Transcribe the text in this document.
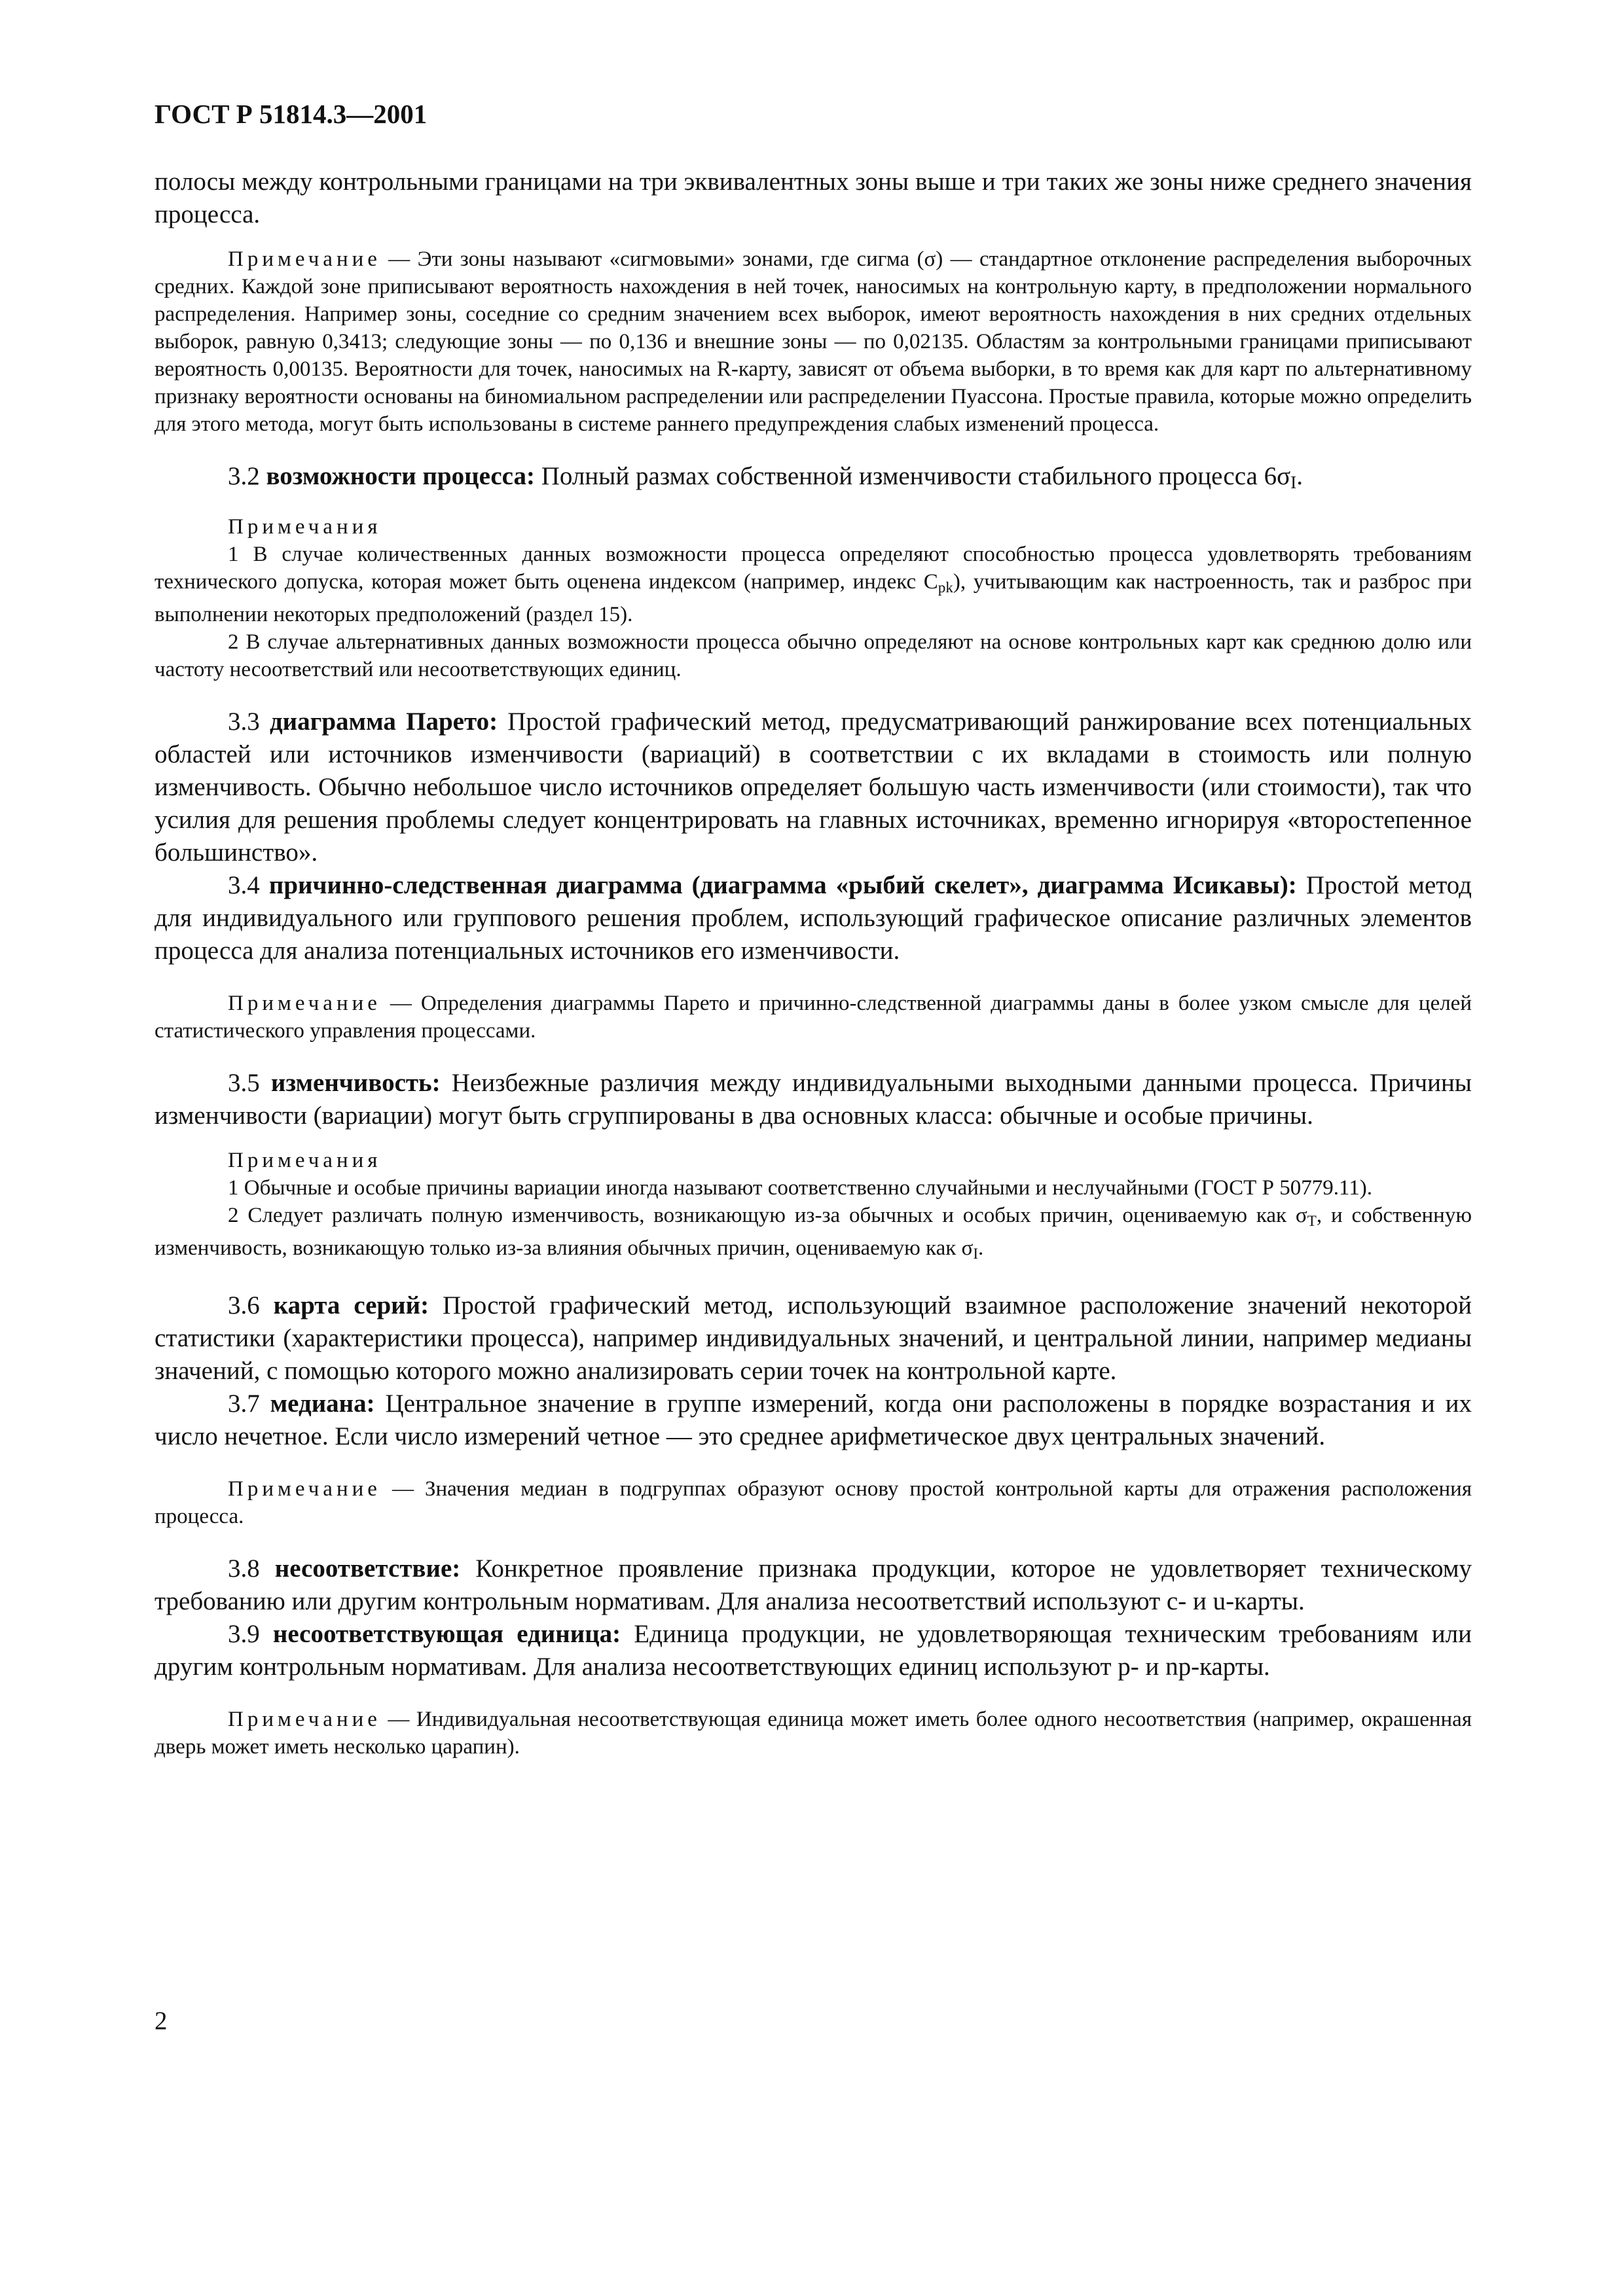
ГОСТ Р 51814.3—2001

полосы между контрольными границами на три эквивалентных зоны выше и три таких же зоны ниже среднего значения процесса.

Примечание — Эти зоны называют «сигмовыми» зонами, где сигма (σ) — стандартное отклонение распределения выборочных средних. Каждой зоне приписывают вероятность нахождения в ней точек, наносимых на контрольную карту, в предположении нормального распределения. Например зоны, соседние со средним значением всех выборок, имеют вероятность нахождения в них средних отдельных выборок, равную 0,3413; следующие зоны — по 0,136 и внешние зоны — по 0,02135. Областям за контрольными границами приписывают вероятность 0,00135. Вероятности для точек, наносимых на R-карту, зависят от объема выборки, в то время как для карт по альтернативному признаку вероятности основаны на биномиальном распределении или распределении Пуассона. Простые правила, которые можно определить для этого метода, могут быть использованы в системе раннего предупреждения слабых изменений процесса.

3.2 возможности процесса: Полный размах собственной изменчивости стабильного процесса $6\sigma_I$.

Примечания

1 В случае количественных данных возможности процесса определяют способностью процесса удовлетворять требованиям технического допуска, которая может быть оценена индексом (например, индекс $C_{pk}$), учитывающим как настроенность, так и разброс при выполнении некоторых предположений (раздел 15).

2 В случае альтернативных данных возможности процесса обычно определяют на основе контрольных карт как среднюю долю или частоту несоответствий или несоответствующих единиц.

3.3 диаграмма Парето: Простой графический метод, предусматривающий ранжирование всех потенциальных областей или источников изменчивости (вариаций) в соответствии с их вкладами в стоимость или полную изменчивость. Обычно небольшое число источников определяет большую часть изменчивости (или стоимости), так что усилия для решения проблемы следует концентрировать на главных источниках, временно игнорируя «второстепенное большинство».

3.4 причинно-следственная диаграмма (диаграмма «рыбий скелет», диаграмма Исикавы): Простой метод для индивидуального или группового решения проблем, использующий графическое описание различных элементов процесса для анализа потенциальных источников его изменчивости.

Примечание — Определения диаграммы Парето и причинно-следственной диаграммы даны в более узком смысле для целей статистического управления процессами.

3.5 изменчивость: Неизбежные различия между индивидуальными выходными данными процесса. Причины изменчивости (вариации) могут быть сгруппированы в два основных класса: обычные и особые причины.

Примечания

1 Обычные и особые причины вариации иногда называют соответственно случайными и неслучайными (ГОСТ Р 50779.11).

2 Следует различать полную изменчивость, возникающую из-за обычных и особых причин, оцениваемую как $\sigma_T$, и собственную изменчивость, возникающую только из-за влияния обычных причин, оцениваемую как $\sigma_I$.

3.6 карта серий: Простой графический метод, использующий взаимное расположение значений некоторой статистики (характеристики процесса), например индивидуальных значений, и центральной линии, например медианы значений, с помощью которого можно анализировать серии точек на контрольной карте.

3.7 медиана: Центральное значение в группе измерений, когда они расположены в порядке возрастания и их число нечетное. Если число измерений четное — это среднее арифметическое двух центральных значений.

Примечание — Значения медиан в подгруппах образуют основу простой контрольной карты для отражения расположения процесса.

3.8 несоответствие: Конкретное проявление признака продукции, которое не удовлетворяет техническому требованию или другим контрольным нормативам. Для анализа несоответствий используют c- и u-карты.

3.9 несоответствующая единица: Единица продукции, не удовлетворяющая техническим требованиям или другим контрольным нормативам. Для анализа несоответствующих единиц используют p- и np-карты.

Примечание — Индивидуальная несоответствующая единица может иметь более одного несоответствия (например, окрашенная дверь может иметь несколько царапин).

2
